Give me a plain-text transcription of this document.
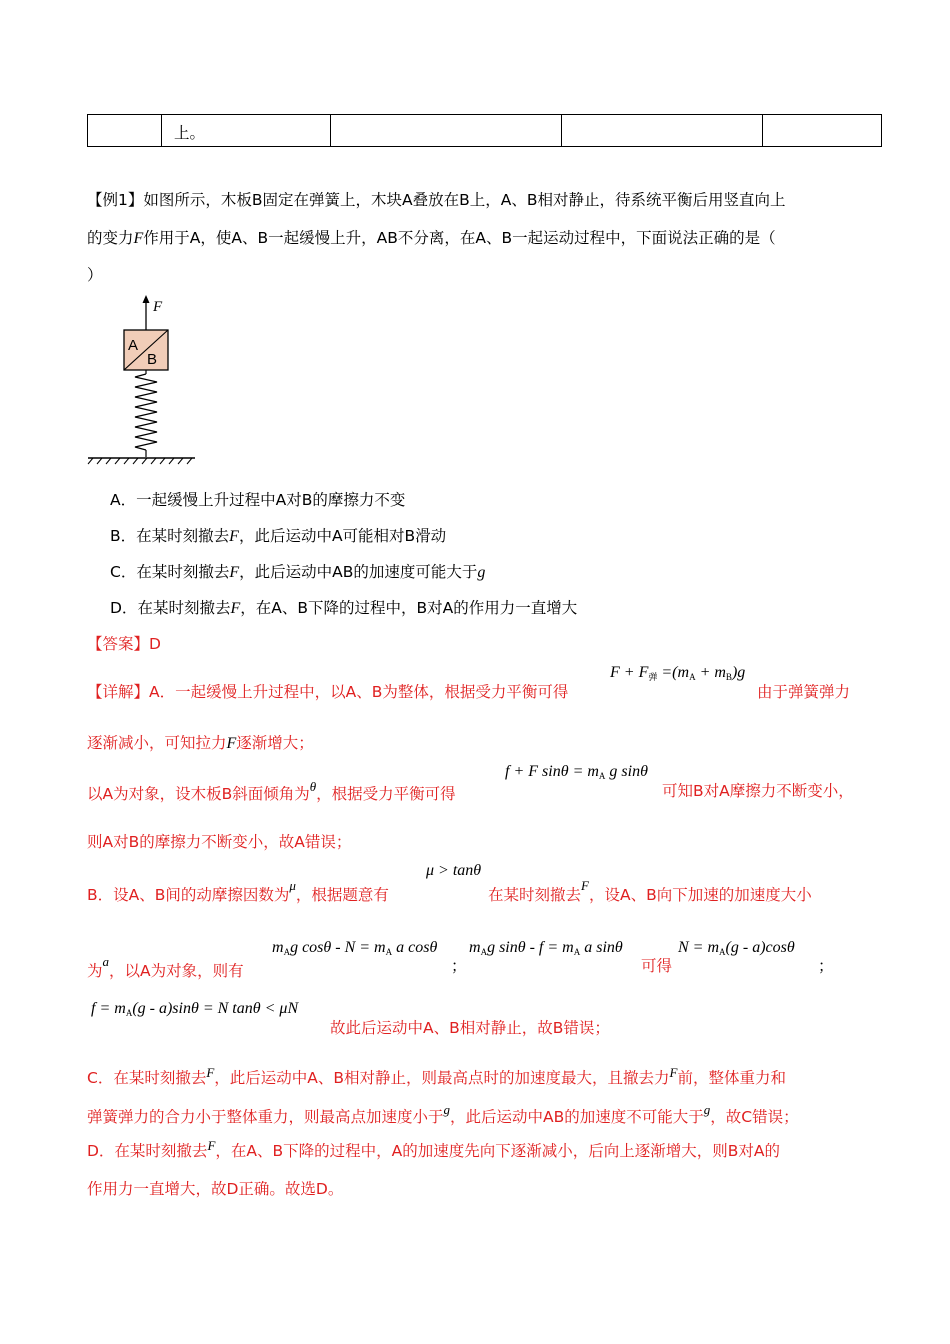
上。
【例1】如图所示，木板B固定在弹簧上，木块A叠放在B上，A、B相对静止，待系统平衡后用竖直向上
的变力F作用于A，使A、B一起缓慢上升，AB不分离，在A、B一起运动过程中，下面说法正确的是（
）
F
A
B
A．一起缓慢上升过程中A对B的摩擦力不变
B．在某时刻撤去F，此后运动中A可能相对B滑动
C．在某时刻撤去F，此后运动中AB的加速度可能大于g
D．在某时刻撤去F，在A、B下降的过程中，B对A的作用力一直增大
【答案】D
【详解】A．一起缓慢上升过程中，以A、B为整体，根据受力平衡可得
$F + F_弹 =(m_A + m_B)g$
由于弹簧弹力
逐渐减小，可知拉力F逐渐增大；
以A为对象，设木板B斜面倾角为$^\theta$，根据受力平衡可得
f + F $\sin\theta = m_A$ g sinθ
可知B对A摩擦力不断变小，
则A对B的摩擦力不断变小，故A错误；
B．设A、B间的动摩擦因数为$^\mu$，根据题意有
μ > tanθ
在某时刻撤去$^F$，设A、B向下加速的加速度大小
为$^a$，以A为对象，则有
$m_Ag$ $\cos\theta - N = m_A$ a cosθ
；
$m_Ag$ $\sin\theta - f = m_A$ a sinθ
可得
$N = m_A(g - a)\cos\theta$
；
$f = m_A(g - a)\sin\theta = N$ tanθ < μN
故此后运动中A、B相对静止，故B错误；
C．在某时刻撤去$^F$，此后运动中A、B相对静止，则最高点时的加速度最大，且撤去力$^F$前，整体重力和
弹簧弹力的合力小于整体重力，则最高点加速度小于$^g$，此后运动中AB的加速度不可能大于$^g$，故C错误；
D．在某时刻撤去$^F$，在A、B下降的过程中，A的加速度先向下逐渐减小，后向上逐渐增大，则B对A的
作用力一直增大，故D正确。故选D。
